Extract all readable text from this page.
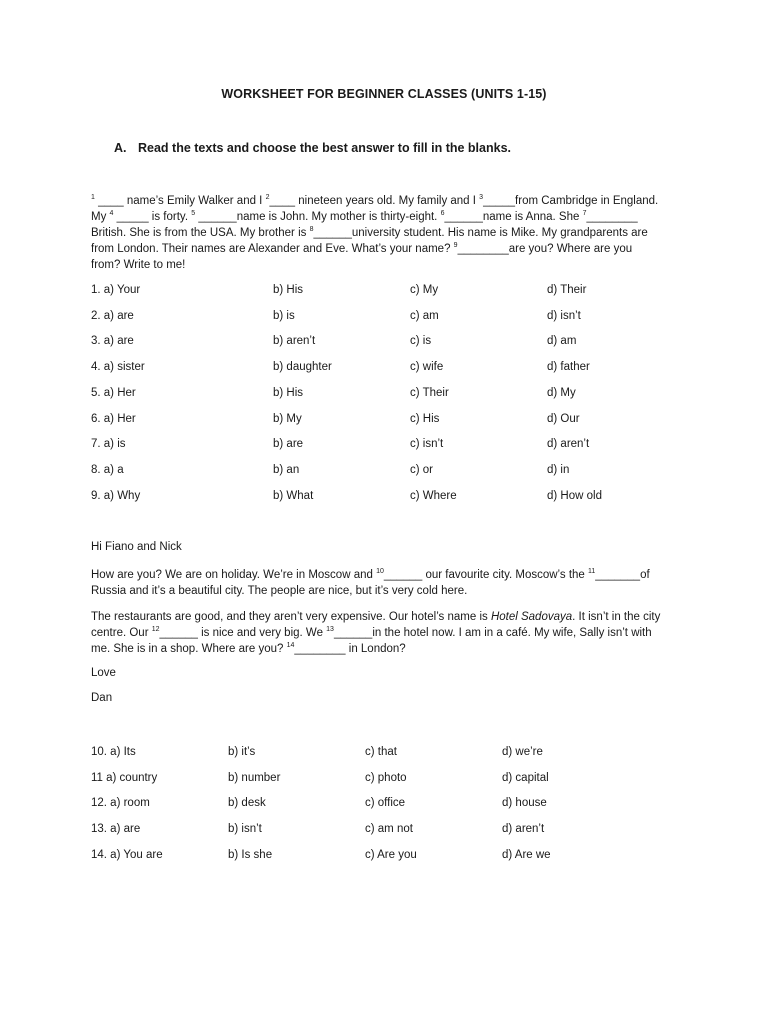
WORKSHEET FOR BEGINNER CLASSES (UNITS 1-15)
A. Read the texts and choose the best answer to fill in the blanks.

$^1$ ____ name’s Emily Walker and I $^2$____ nineteen years old. My family and I $^3$_____from Cambridge in England.

My $^4$ _____ is forty. $^5$ ______name is John. My mother is thirty-eight. $^6$______name is Anna. She $^7$________

British. She is from the USA. My brother is $^8$______university student. His name is Mike. My grandparents are

from London. Their names are Alexander and Eve. What’s your name? $^9$________are you? Where are you

from? Write to me!

1. a) Your	b) His	c) My	d) Their
2. a) are	b) is	c) am	d) isn’t
3. a) are	b) aren’t	c) is	d) am
4. a) sister	b) daughter	c) wife	d) father
5. a) Her	b) His	c) Their	d) My
6. a) Her	b) My	c) His	d) Our
7. a) is	b) are	c) isn’t	d) aren’t
8. a) a	b) an	c) or	d) in
9. a) Why	b) What	c) Where	d) How old
Hi Fiano and Nick

How are you? We are on holiday. We’re in Moscow and $^{10}$______ our favourite city. Moscow’s the $^{11}$_______of

Russia and it’s a beautiful city. The people are nice, but it’s very cold here.

The restaurants are good, and they aren’t very expensive. Our hotel’s name is Hotel Sadovaya. It isn’t in the city

centre. Our $^{12}$______ is nice and very big. We $^{13}$______in the hotel now. I am in a café. My wife, Sally isn’t with

me. She is in a shop. Where are you? $^{14}$________ in London?

Love
Dan
10. a) Its	b) it’s	c) that	d) we’re
11 a) country	b) number	c) photo	d) capital
12. a) room	b) desk	c) office	d) house
13. a) are	b) isn’t	c) am not	d) aren’t
14. a) You are	b) Is she	c) Are you	d) Are we
